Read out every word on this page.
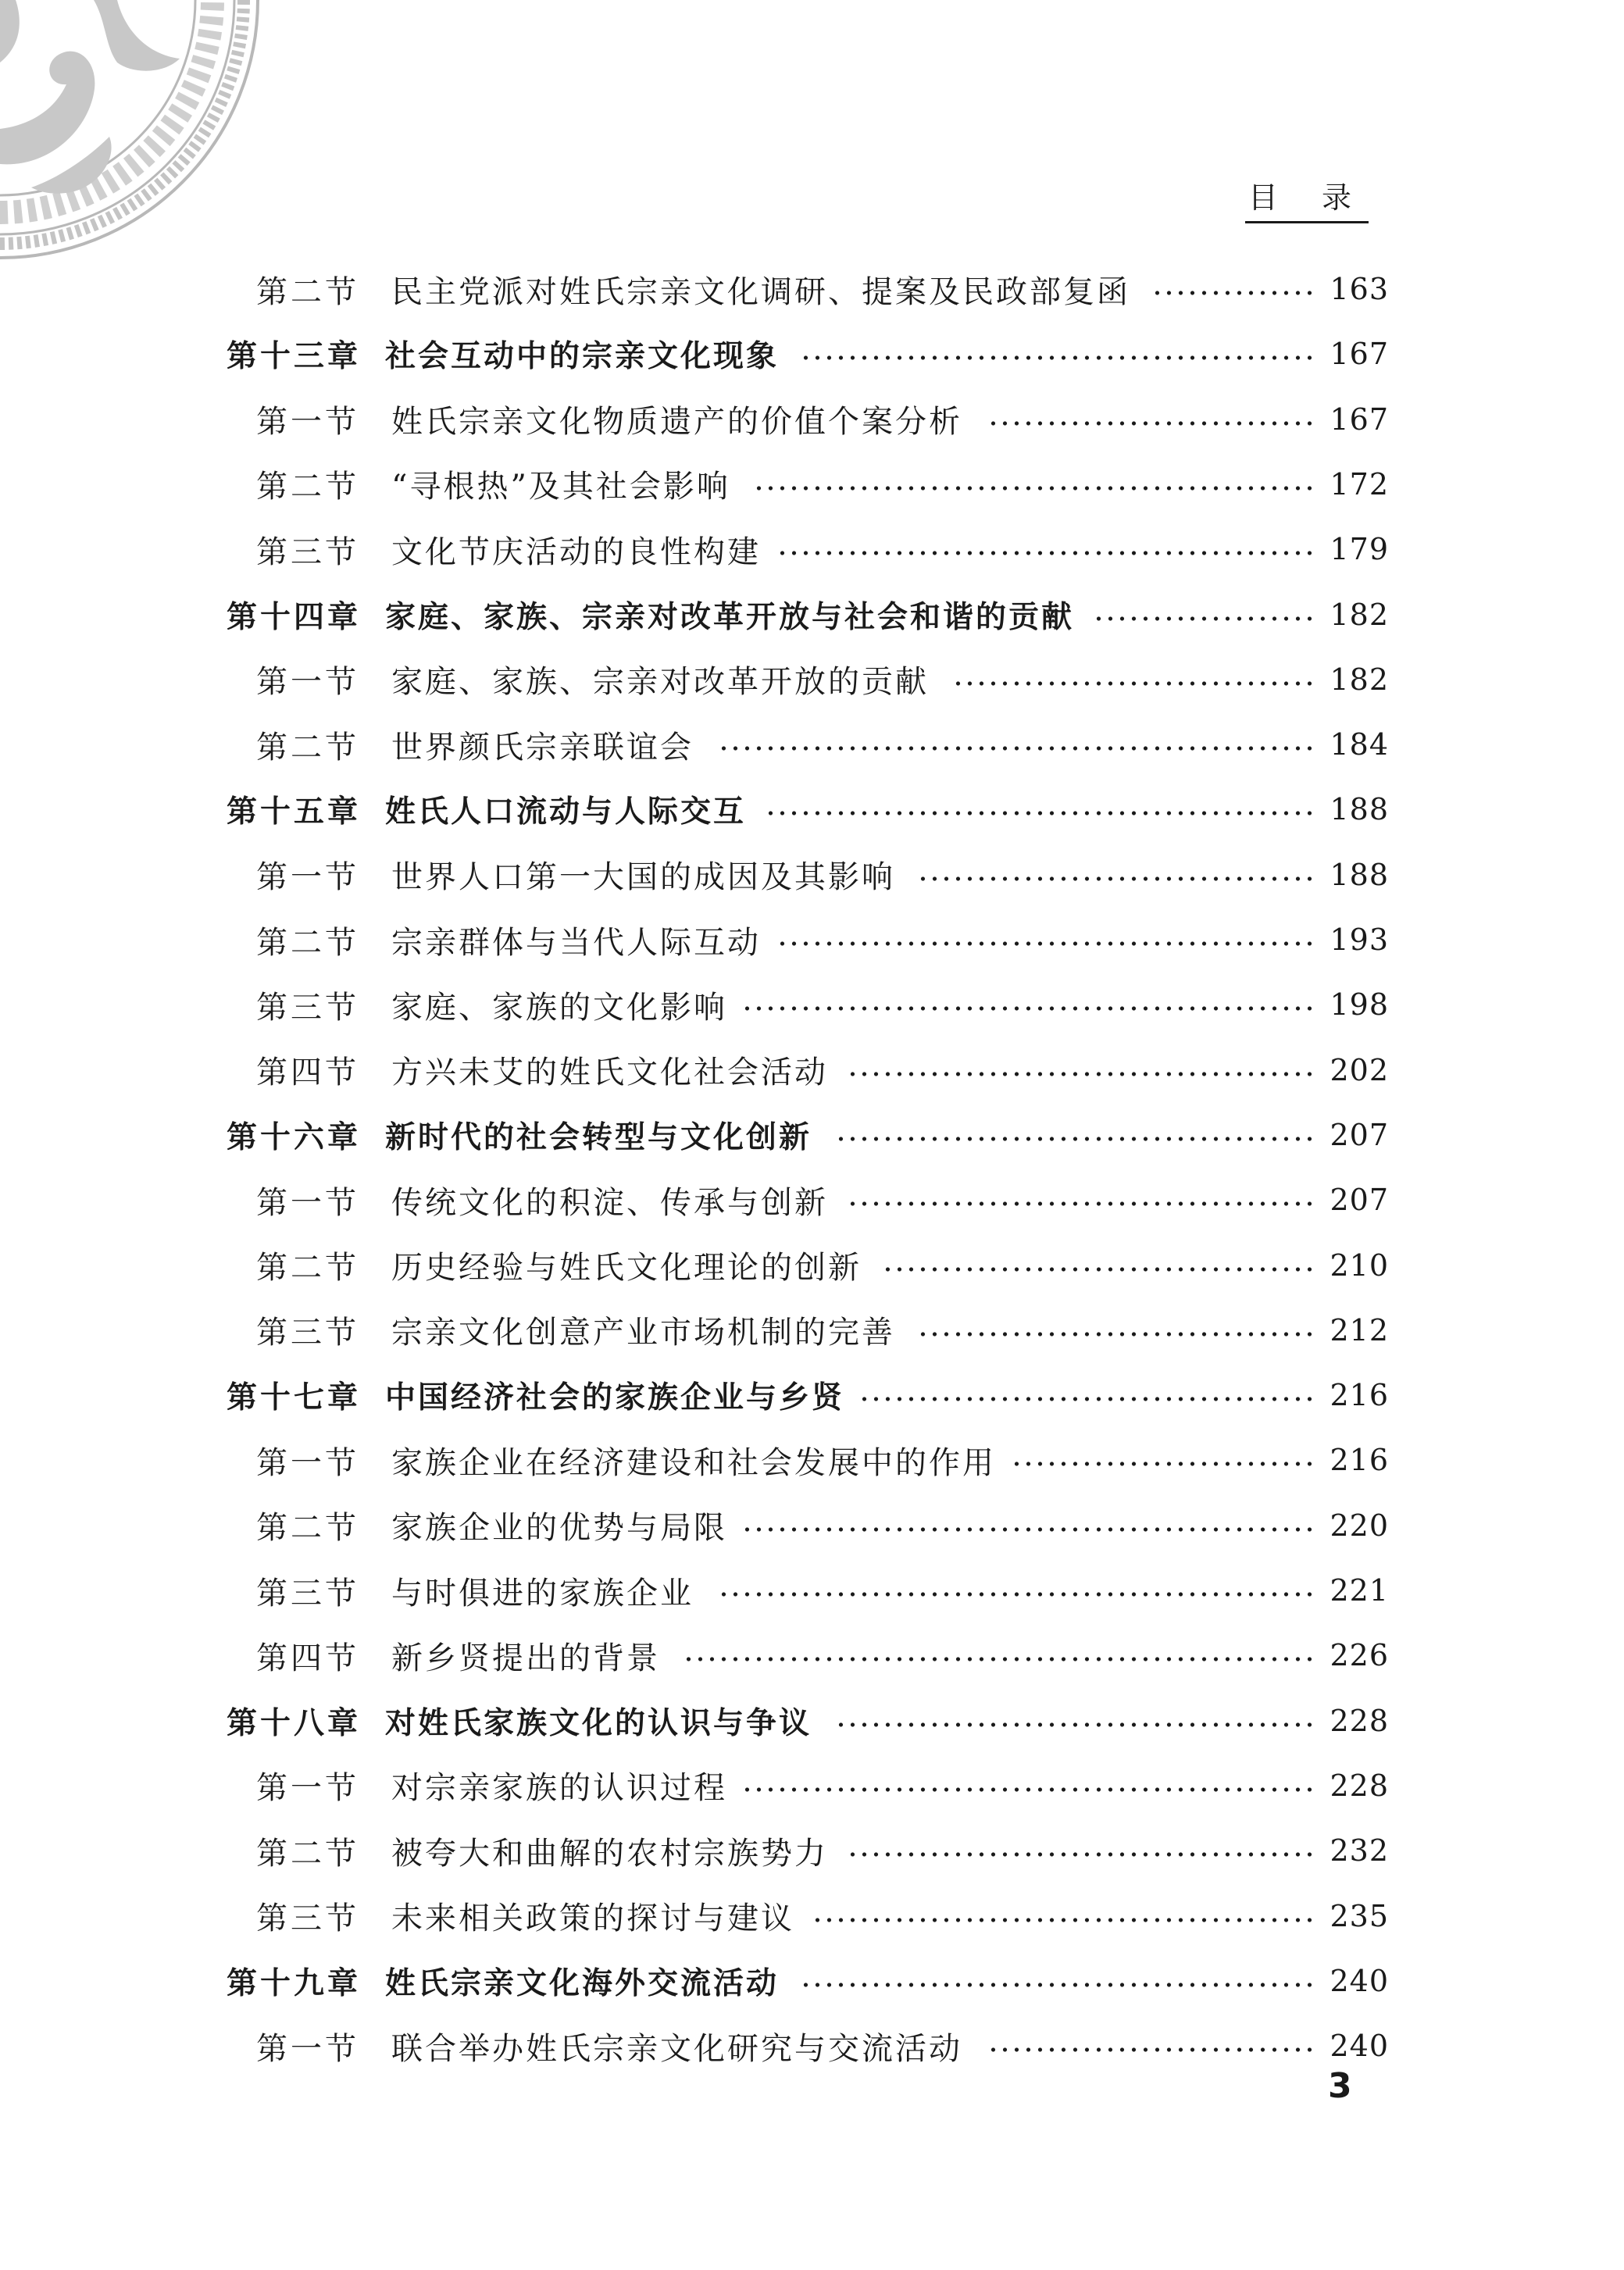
目 录
第二节 民主党派对姓氏宗亲文化调研、提案及民政部复函	163
第十三章 社会互动中的宗亲文化现象	167
第一节 姓氏宗亲文化物质遗产的价值个案分析	167
第二节 “寻根热”及其社会影响	172
第三节 文化节庆活动的良性构建	179
第十四章 家庭、家族、宗亲对改革开放与社会和谐的贡献	182
第一节 家庭、家族、宗亲对改革开放的贡献	182
第二节 世界颜氏宗亲联谊会	184
第十五章 姓氏人口流动与人际交互	188
第一节 世界人口第一大国的成因及其影响	188
第二节 宗亲群体与当代人际互动	193
第三节 家庭、家族的文化影响	198
第四节 方兴未艾的姓氏文化社会活动	202
第十六章 新时代的社会转型与文化创新	207
第一节 传统文化的积淀、传承与创新	207
第二节 历史经验与姓氏文化理论的创新	210
第三节 宗亲文化创意产业市场机制的完善	212
第十七章 中国经济社会的家族企业与乡贤	216
第一节 家族企业在经济建设和社会发展中的作用	216
第二节 家族企业的优势与局限	220
第三节 与时俱进的家族企业	221
第四节 新乡贤提出的背景	226
第十八章 对姓氏家族文化的认识与争议	228
第一节 对宗亲家族的认识过程	228
第二节 被夸大和曲解的农村宗族势力	232
第三节 未来相关政策的探讨与建议	235
第十九章 姓氏宗亲文化海外交流活动	240
第一节 联合举办姓氏宗亲文化研究与交流活动	240
3
